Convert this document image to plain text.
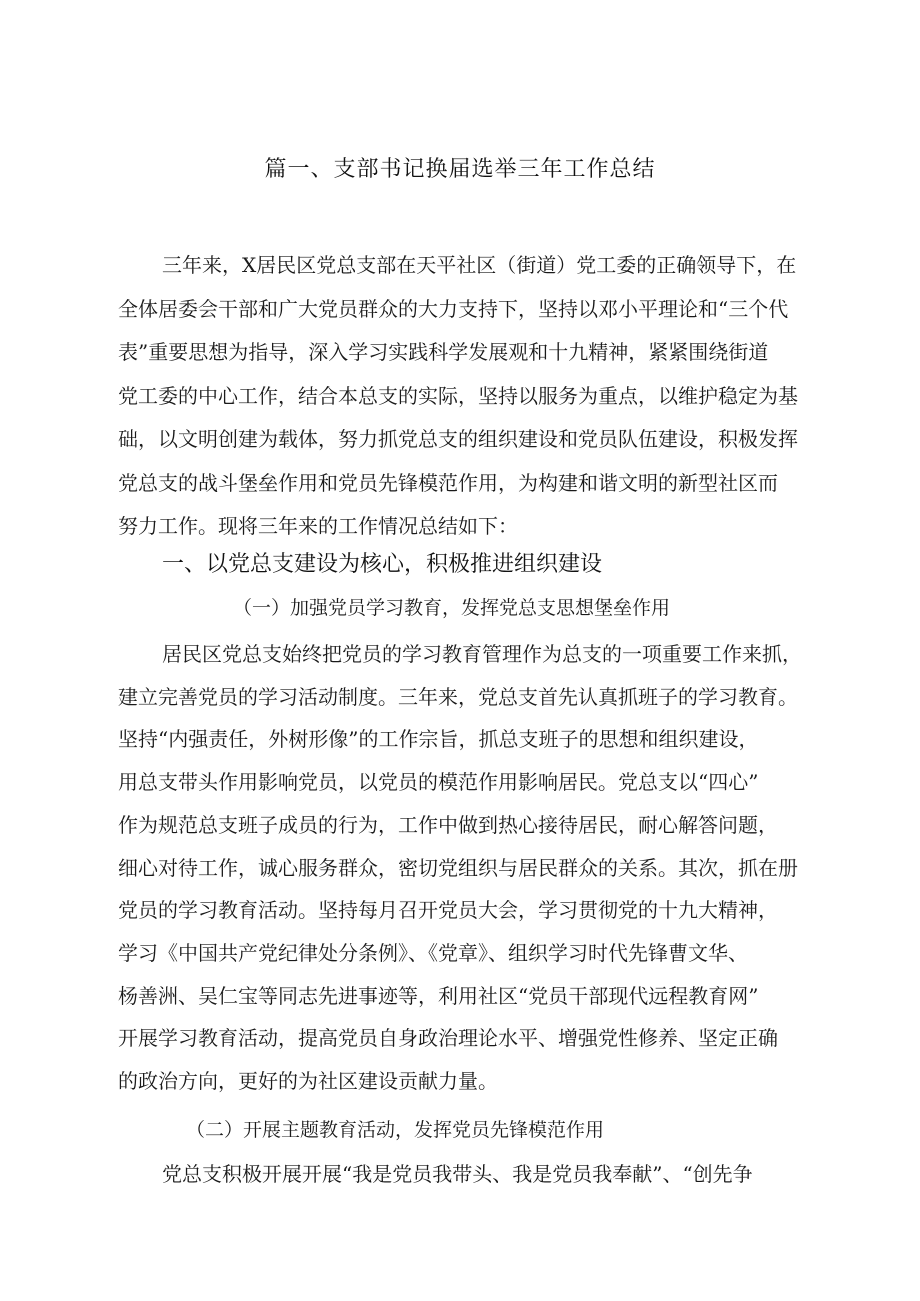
篇一、支部书记换届选举三年工作总结
三年来，X居民区党总支部在天平社区（街道）党工委的正确领导下，在
全体居委会干部和广大党员群众的大力支持下，坚持以邓小平理论和“三个代
表”重要思想为指导，深入学习实践科学发展观和十九精神，紧紧围绕街道
党工委的中心工作，结合本总支的实际，坚持以服务为重点，以维护稳定为基
础，以文明创建为载体，努力抓党总支的组织建设和党员队伍建设，积极发挥
党总支的战斗堡垒作用和党员先锋模范作用，为构建和谐文明的新型社区而
努力工作。现将三年来的工作情况总结如下：
一、以党总支建设为核心，积极推进组织建设
（一）加强党员学习教育，发挥党总支思想堡垒作用
居民区党总支始终把党员的学习教育管理作为总支的一项重要工作来抓，
建立完善党员的学习活动制度。三年来，党总支首先认真抓班子的学习教育。
坚持“内强责任，外树形像”的工作宗旨，抓总支班子的思想和组织建设，
用总支带头作用影响党员，以党员的模范作用影响居民。党总支以“四心”
作为规范总支班子成员的行为，工作中做到热心接待居民，耐心解答问题，
细心对待工作，诚心服务群众，密切党组织与居民群众的关系。其次，抓在册
党员的学习教育活动。坚持每月召开党员大会，学习贯彻党的十九大精神，
学习《中国共产党纪律处分条例》、《党章》、组织学习时代先锋曹文华、
杨善洲、吴仁宝等同志先进事迹等，利用社区“党员干部现代远程教育网”
开展学习教育活动，提高党员自身政治理论水平、增强党性修养、坚定正确
的政治方向，更好的为社区建设贡献力量。
（二）开展主题教育活动，发挥党员先锋模范作用
党总支积极开展开展“我是党员我带头、我是党员我奉献”、“创先争
